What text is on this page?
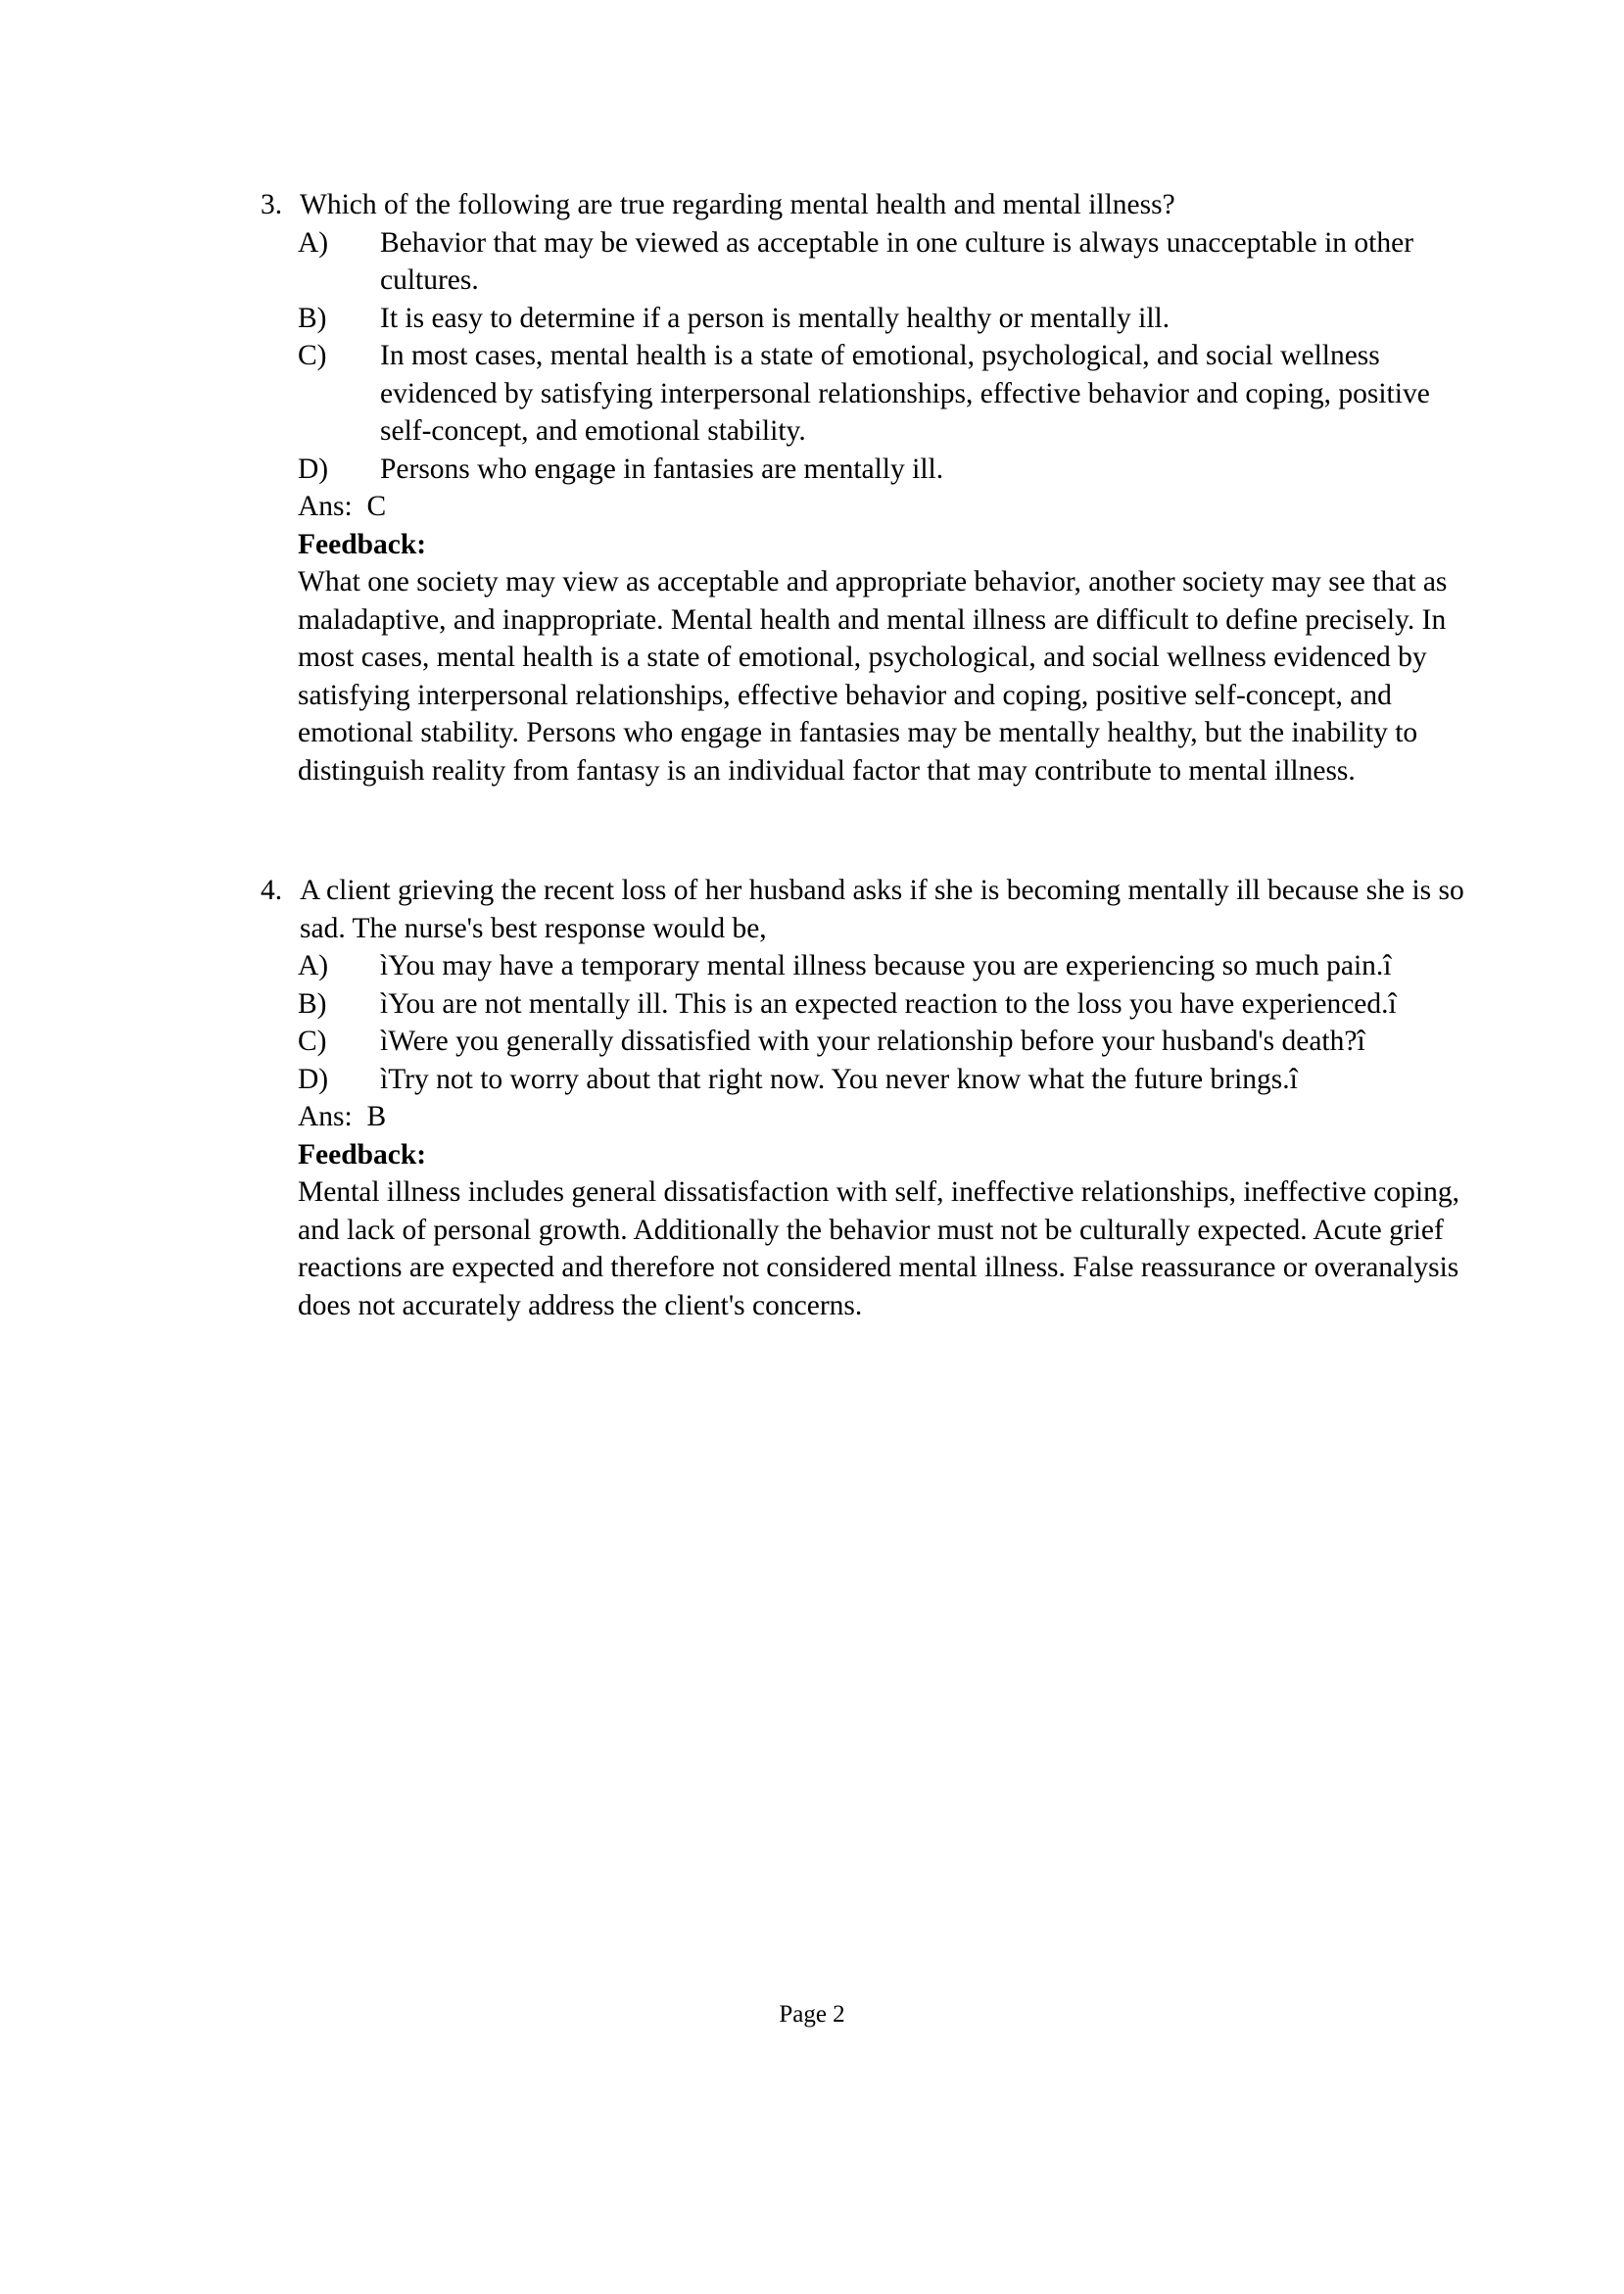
3. Which of the following are true regarding mental health and mental illness?
A)	Behavior that may be viewed as acceptable in one culture is always unacceptable in other cultures.
B)	It is easy to determine if a person is mentally healthy or mentally ill.
C)	In most cases, mental health is a state of emotional, psychological, and social wellness evidenced by satisfying interpersonal relationships, effective behavior and coping, positive self-concept, and emotional stability.
D)	Persons who engage in fantasies are mentally ill.
Ans: C
Feedback:
What one society may view as acceptable and appropriate behavior, another society may see that as maladaptive, and inappropriate. Mental health and mental illness are difficult to define precisely. In most cases, mental health is a state of emotional, psychological, and social wellness evidenced by satisfying interpersonal relationships, effective behavior and coping, positive self-concept, and emotional stability. Persons who engage in fantasies may be mentally healthy, but the inability to distinguish reality from fantasy is an individual factor that may contribute to mental illness.
4. A client grieving the recent loss of her husband asks if she is becoming mentally ill because she is so sad. The nurse's best response would be,
A)	ìYou may have a temporary mental illness because you are experiencing so much pain.î
B)	ìYou are not mentally ill. This is an expected reaction to the loss you have experienced.î
C)	ìWere you generally dissatisfied with your relationship before your husband's death?î
D)	ìTry not to worry about that right now. You never know what the future brings.î
Ans: B
Feedback:
Mental illness includes general dissatisfaction with self, ineffective relationships, ineffective coping, and lack of personal growth. Additionally the behavior must not be culturally expected. Acute grief reactions are expected and therefore not considered mental illness. False reassurance or overanalysis does not accurately address the client's concerns.
Page 2
